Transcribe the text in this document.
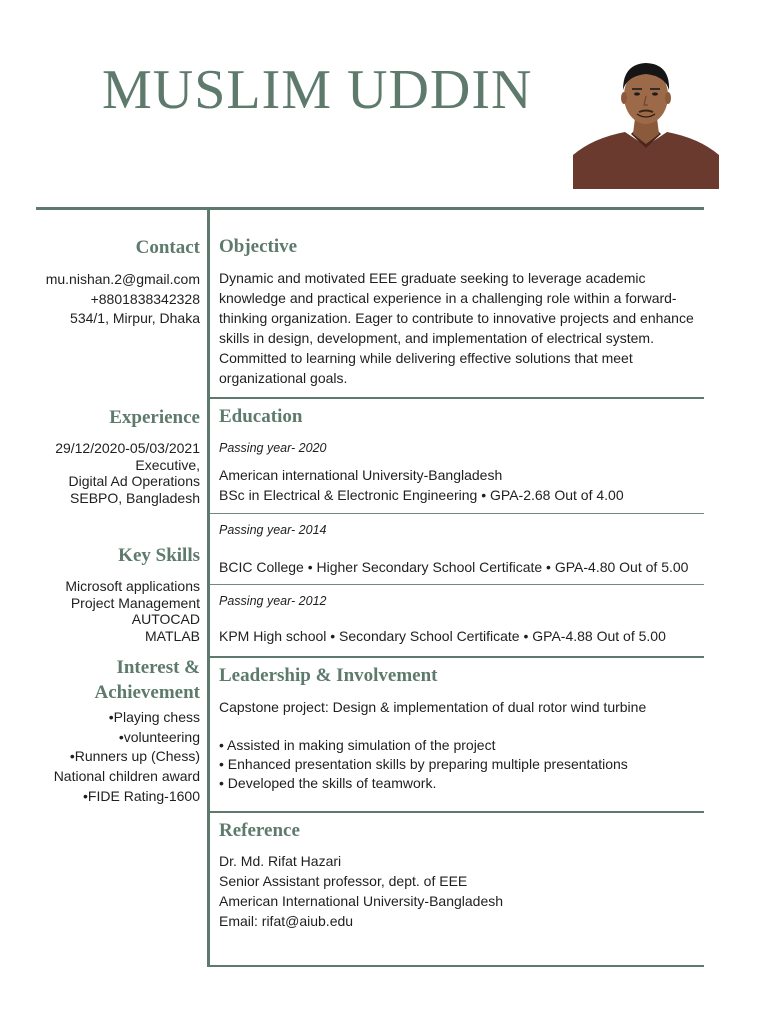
MUSLIM UDDIN
Contact
mu.nishan.2@gmail.com
+8801838342328
534/1, Mirpur, Dhaka
Experience
29/12/2020-05/03/2021
Executive,
Digital Ad Operations
SEBPO, Bangladesh
Key Skills
Microsoft applications
Project Management
AUTOCAD
MATLAB
Interest &
Achievement
•Playing chess
•volunteering
•Runners up (Chess)
National children award
•FIDE Rating-1600
Objective

Dynamic and motivated EEE graduate seeking to leverage academic knowledge and practical experience in a challenging role within a forward-thinking organization. Eager to contribute to innovative projects and enhance skills in design, development, and implementation of electrical system. Committed to learning while delivering effective solutions that meet organizational goals.

Education
Passing year- 2020
American international University-Bangladesh
BSc in Electrical & Electronic Engineering • GPA-2.68 Out of 4.00
Passing year- 2014
BCIC College • Higher Secondary School Certificate • GPA-4.80 Out of 5.00
Passing year- 2012
KPM High school • Secondary School Certificate • GPA-4.88 Out of 5.00
Leadership & Involvement
Capstone project: Design & implementation of dual rotor wind turbine
• Assisted in making simulation of the project
• Enhanced presentation skills by preparing multiple presentations
• Developed the skills of teamwork.
Reference
Dr. Md. Rifat Hazari
Senior Assistant professor, dept. of EEE
American International University-Bangladesh
Email: rifat@aiub.edu
